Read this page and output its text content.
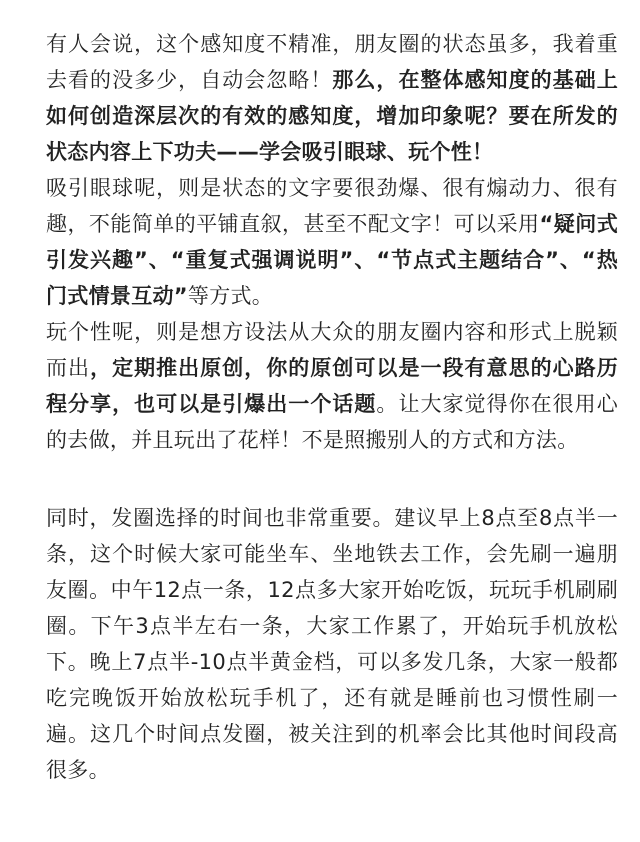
有人会说，这个感知度不精准，朋友圈的状态虽多，我着重去看的没多少，自动会忽略！那么，在整体感知度的基础上如何创造深层次的有效的感知度，增加印象呢？要在所发的状态内容上下功夫——学会吸引眼球、玩个性！

吸引眼球呢，则是状态的文字要很劲爆、很有煽动力、很有趣，不能简单的平铺直叙，甚至不配文字！可以采用“疑问式引发兴趣”、“重复式强调说明”、“节点式主题结合”、“热门式情景互动”等方式。

玩个性呢，则是想方设法从大众的朋友圈内容和形式上脱颖而出，定期推出原创，你的原创可以是一段有意思的心路历程分享，也可以是引爆出一个话题。让大家觉得你在很用心的去做，并且玩出了花样！不是照搬别人的方式和方法。

同时，发圈选择的时间也非常重要。建议早上8点至8点半一条，这个时候大家可能坐车、坐地铁去工作，会先刷一遍朋友圈。中午12点一条，12点多大家开始吃饭，玩玩手机刷刷圈。下午3点半左右一条，大家工作累了，开始玩手机放松下。晚上7点半-10点半黄金档，可以多发几条，大家一般都吃完晚饭开始放松玩手机了，还有就是睡前也习惯性刷一遍。这几个时间点发圈，被关注到的机率会比其他时间段高很多。
